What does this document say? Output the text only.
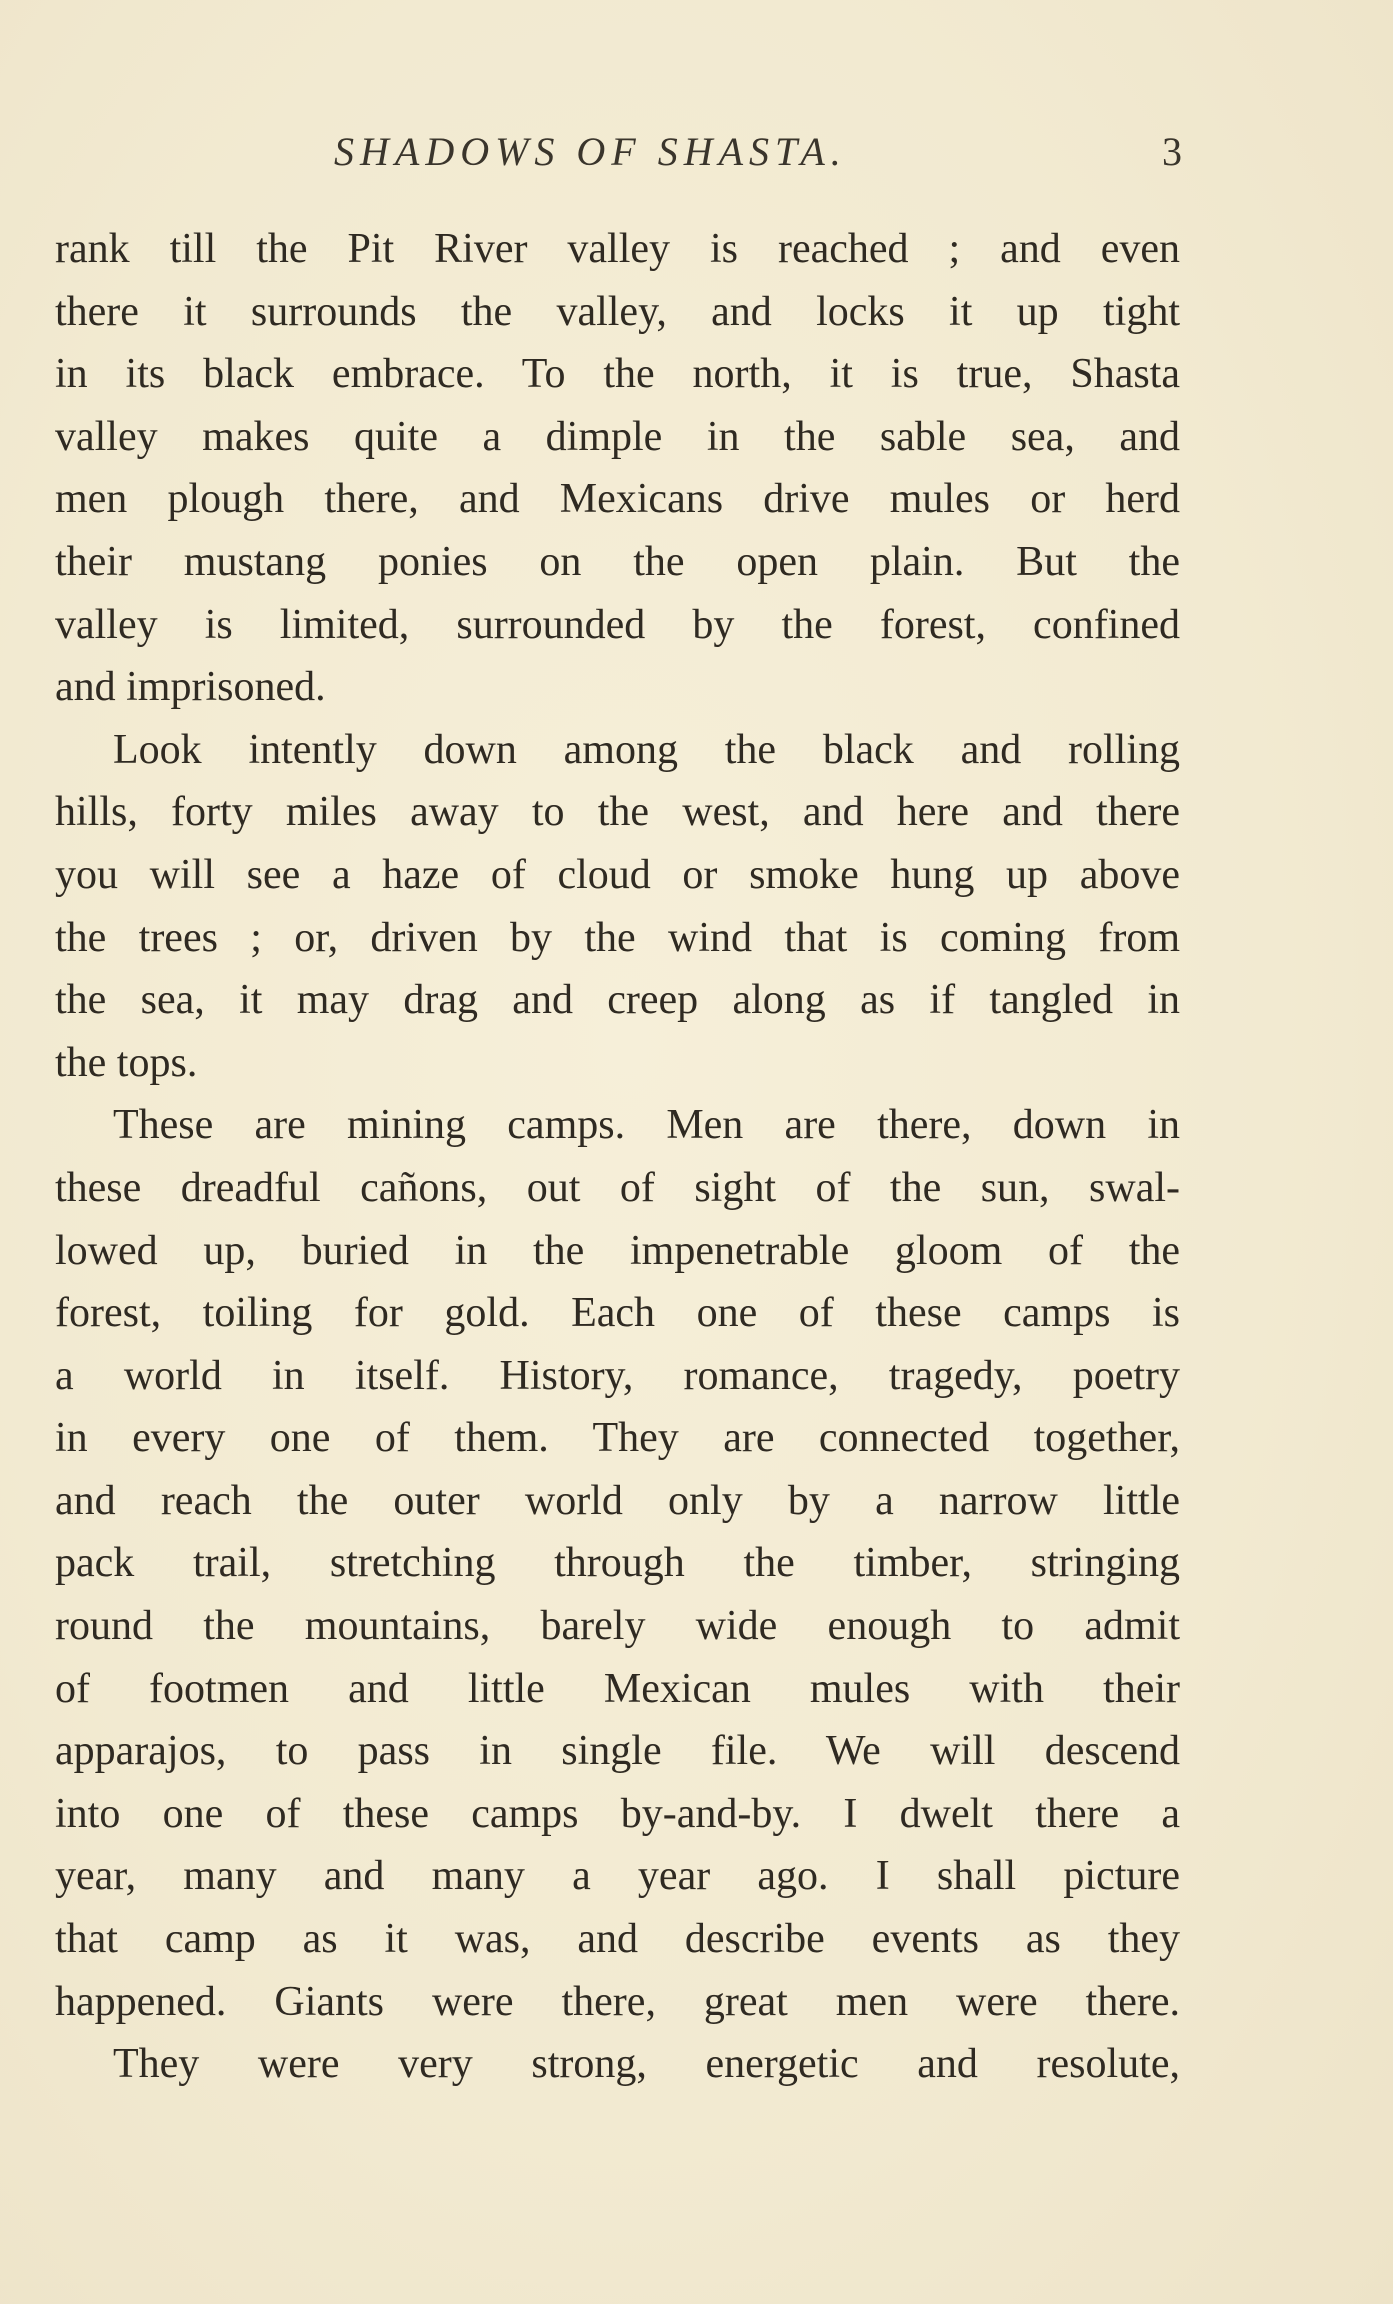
SHADOWS OF SHASTA.	3
rank till the Pit River valley is reached ; and even
there it surrounds the valley, and locks it up tight
in its black embrace. To the north, it is true, Shasta
valley makes quite a dimple in the sable sea, and
men plough there, and Mexicans drive mules or herd
their mustang ponies on the open plain. But the
valley is limited, surrounded by the forest, confined
and imprisoned.
Look intently down among the black and rolling
hills, forty miles away to the west, and here and there
you will see a haze of cloud or smoke hung up above
the trees ; or, driven by the wind that is coming from
the sea, it may drag and creep along as if tangled in
the tops.
These are mining camps. Men are there, down in
these dreadful cañons, out of sight of the sun, swal-
lowed up, buried in the impenetrable gloom of the
forest, toiling for gold. Each one of these camps is
a world in itself. History, romance, tragedy, poetry
in every one of them. They are connected together,
and reach the outer world only by a narrow little
pack trail, stretching through the timber, stringing
round the mountains, barely wide enough to admit
of footmen and little Mexican mules with their
apparajos, to pass in single file. We will descend
into one of these camps by-and-by. I dwelt there a
year, many and many a year ago. I shall picture
that camp as it was, and describe events as they
happened. Giants were there, great men were there.
They were very strong, energetic and resolute,
